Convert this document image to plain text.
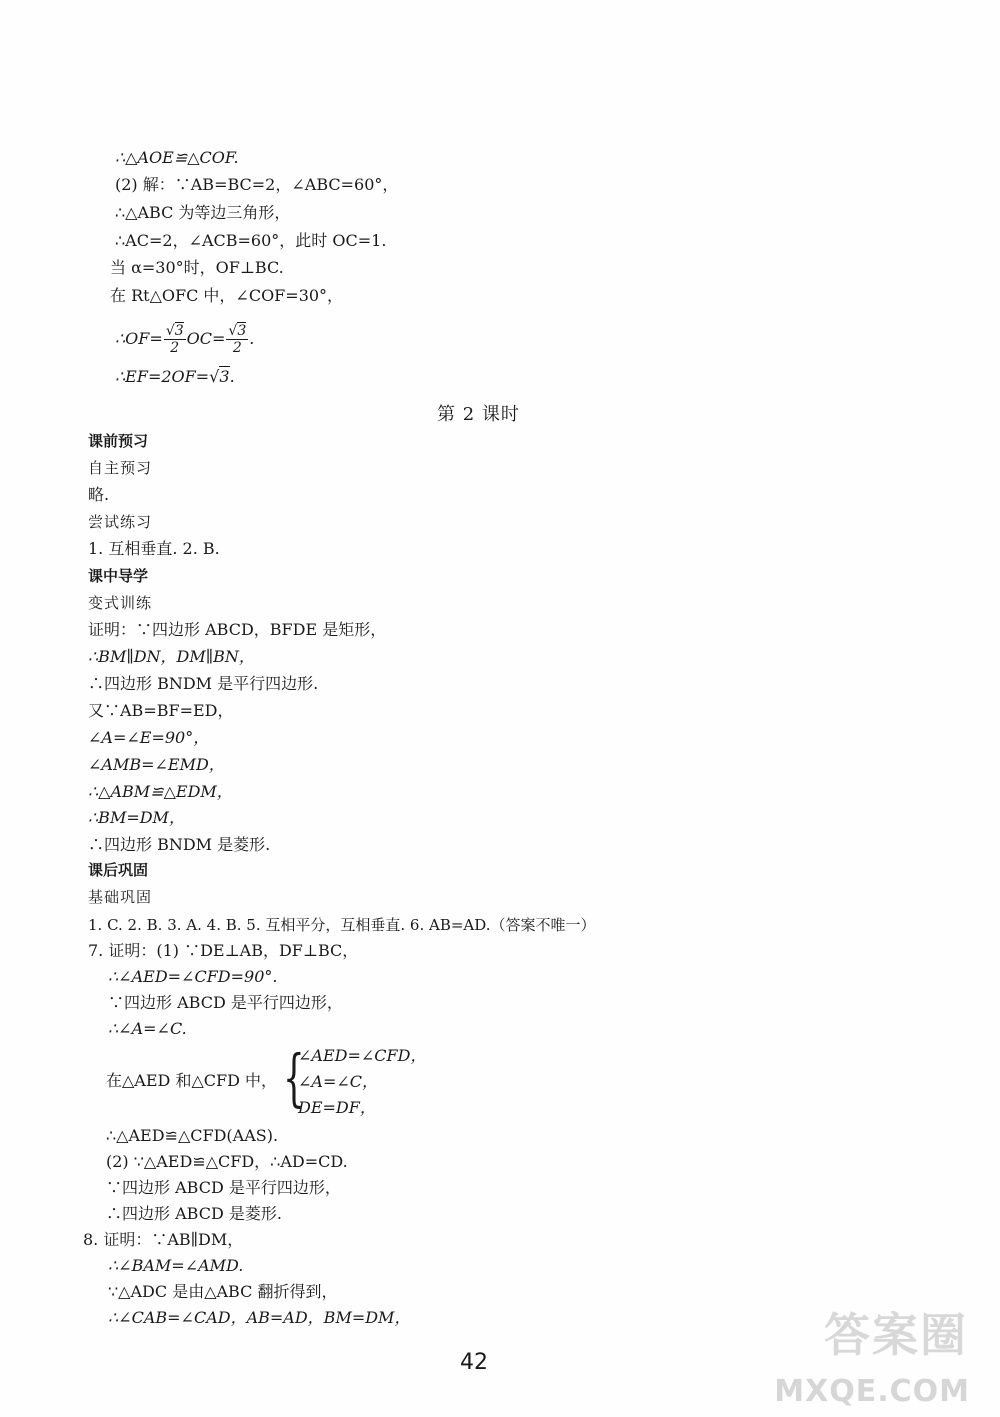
∴△AOE≌△COF.
(2) 解：∵AB=BC=2，∠ABC=60°，
∴△ABC 为等边三角形，
∴AC=2，∠ACB=60°，此时 OC=1.
当 α=30°时，OF⊥BC.
在 Rt△OFC 中，∠COF=30°，
∴OF= $\frac{√3}{2} OC= \frac{√3}{2}$ .
∴EF=2OF=√3.
第 2 课时
课前预习
自主预习
略.
尝试练习
1. 互相垂直. 2. B.
课中导学
变式训练
证明：∵四边形 ABCD，BFDE 是矩形，
∴BM∥DN，DM∥BN，
∴四边形 BNDM 是平行四边形.
又∵AB=BF=ED，
∠A=∠E=90°，
∠AMB=∠EMD，
∴△ABM≌△EDM，
∴BM=DM，
∴四边形 BNDM 是菱形.
课后巩固
基础巩固
1. C. 2. B. 3. A. 4. B. 5. 互相平分，互相垂直. 6. AB=AD.（答案不唯一）
7. 证明：(1) ∵DE⊥AB，DF⊥BC，
∴∠AED=∠CFD=90°.
∵四边形 ABCD 是平行四边形，
∴∠A=∠C.
在△AED 和△CFD 中， {
∠AED=∠CFD，
∠A=∠C，
DE=DF，
∴△AED≌△CFD(AAS).
(2) ∵△AED≌△CFD，∴AD=CD.
∵四边形 ABCD 是平行四边形，
∴四边形 ABCD 是菱形.
8. 证明：∵AB∥DM，
∴∠BAM=∠AMD.
∵△ADC 是由△ABC 翻折得到，
∴∠CAB=∠CAD，AB=AD，BM=DM，
42
答案圈
MXQE.COM
